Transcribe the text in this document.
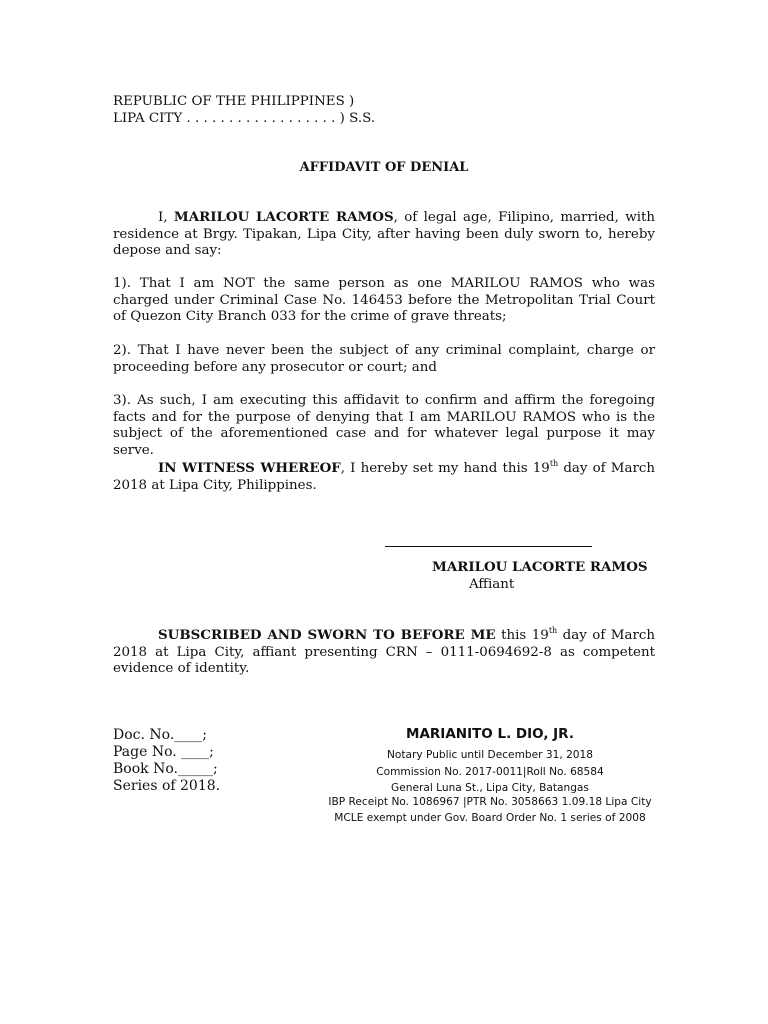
REPUBLIC OF THE PHILIPPINES )
LIPA CITY . . . . . . . . . . . . . . . . . . ) S.S.
AFFIDAVIT OF DENIAL
I, MARILOU LACORTE RAMOS, of legal age, Filipino, married, with residence at Brgy. Tipakan, Lipa City, after having been duly sworn to, hereby depose and say:
1). That I am NOT the same person as one MARILOU RAMOS who was charged under Criminal Case No. 146453 before the Metropolitan Trial Court of Quezon City Branch 033 for the crime of grave threats;
2). That I have never been the subject of any criminal complaint, charge or proceeding before any prosecutor or court; and
3). As such, I am executing this affidavit to confirm and affirm the foregoing facts and for the purpose of denying that I am MARILOU RAMOS who is the subject of the aforementioned case and for whatever legal purpose it may serve.
IN WITNESS WHEREOF, I hereby set my hand this 19th day of March 2018 at Lipa City, Philippines.
MARILOU LACORTE RAMOS
Affiant
SUBSCRIBED AND SWORN TO BEFORE ME this 19th day of March 2018 at Lipa City, affiant presenting CRN – 0111-0694692-8 as competent evidence of identity.
Doc. No.____;
Page No. ____;
Book No._____;
Series of 2018.
MARIANITO L. DIO, JR.
Notary Public until December 31, 2018
Commission No. 2017-0011|Roll No. 68584
General Luna St., Lipa City, Batangas
IBP Receipt No. 1086967 |PTR No. 3058663 1.09.18 Lipa City
MCLE exempt under Gov. Board Order No. 1 series of 2008
